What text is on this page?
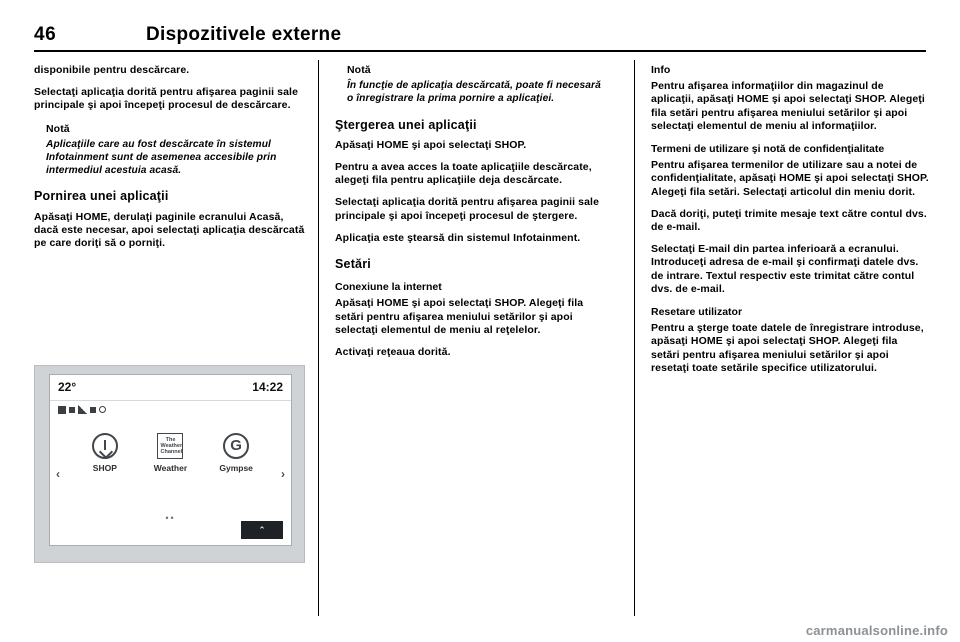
46	Dispozitivele externe

disponibile pentru descărcare.

Selectaţi aplicaţia dorită pentru afişarea paginii sale principale şi apoi începeţi procesul de descărcare.

Notă

Aplicaţiile care au fost descărcate în sistemul Infotainment sunt de asemenea accesibile prin intermediul acestuia acasă.

Pornirea unei aplicaţii

Apăsaţi HOME, derulaţi paginile ecranului Acasă, dacă este necesar, apoi selectaţi aplicaţia descărcată pe care doriţi să o porniţi.

22°	14:22
SHOP
The Weather Channel
Weather
G
Gympse
‹	›
••
⌃

Notă

În funcţie de aplicaţia descărcată, poate fi necesară o înregistrare la prima pornire a aplicaţiei.

Ştergerea unei aplicaţii

Apăsaţi HOME şi apoi selectaţi SHOP.

Pentru a avea acces la toate aplicaţiile descărcate, alegeţi fila pentru aplicaţiile deja descărcate.

Selectaţi aplicaţia dorită pentru afişarea paginii sale principale şi apoi începeţi procesul de ştergere.

Aplicaţia este ştearsă din sistemul Infotainment.

Setări
Conexiune la internet

Apăsaţi HOME şi apoi selectaţi SHOP. Alegeţi fila setări pentru afişarea meniului setărilor şi apoi selectaţi elementul de meniu al reţelelor.

Activaţi reţeaua dorită.

Info

Pentru afişarea informaţiilor din magazinul de aplicaţii, apăsaţi HOME şi apoi selectaţi SHOP. Alegeţi fila setări pentru afişarea meniului setărilor şi apoi selectaţi elementul de meniu al informaţiilor.

Termeni de utilizare şi notă de confidenţialitate

Pentru afişarea termenilor de utilizare sau a notei de confidenţialitate, apăsaţi HOME şi apoi selectaţi SHOP. Alegeţi fila setări. Selectaţi articolul din meniu dorit.

Dacă doriţi, puteţi trimite mesaje text către contul dvs. de e-mail.

Selectaţi E-mail din partea inferioară a ecranului. Introduceţi adresa de e-mail şi confirmaţi datele dvs. de intrare. Textul respectiv este trimitat către contul dvs. de e-mail.

Resetare utilizator

Pentru a şterge toate datele de înregistrare introduse, apăsaţi HOME şi apoi selectaţi SHOP. Alegeţi fila setări pentru afişarea meniului setărilor şi apoi resetaţi toate setările specifice utilizatorului.

carmanualsonline.info
